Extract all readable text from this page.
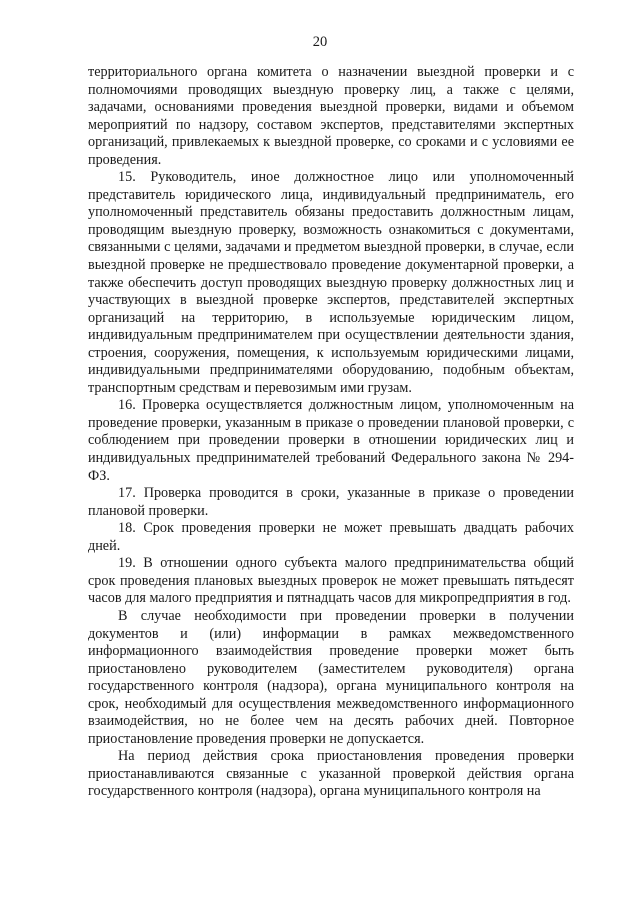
20

территориального органа комитета о назначении выездной проверки и с полномочиями проводящих выездную проверку лиц, а также с целями, задачами, основаниями проведения выездной проверки, видами и объемом мероприятий по надзору, составом экспертов, представителями экспертных организаций, привлекаемых к выездной проверке, со сроками и с условиями ее проведения.

15. Руководитель, иное должностное лицо или уполномоченный представитель юридического лица, индивидуальный предприниматель, его уполномоченный представитель обязаны предоставить должностным лицам, проводящим выездную проверку, возможность ознакомиться с документами, связанными с целями, задачами и предметом выездной проверки, в случае, если выездной проверке не предшествовало проведение документарной проверки, а также обеспечить доступ проводящих выездную проверку должностных лиц и участвующих в выездной проверке экспертов, представителей экспертных организаций на территорию, в используемые юридическим лицом, индивидуальным предпринимателем при осуществлении деятельности здания, строения, сооружения, помещения, к используемым юридическими лицами, индивидуальными предпринимателями оборудованию, подобным объектам, транспортным средствам и перевозимым ими грузам.

16. Проверка осуществляется должностным лицом, уполномоченным на проведение проверки, указанным в приказе о проведении плановой проверки, с соблюдением при проведении проверки в отношении юридических лиц и индивидуальных предпринимателей требований Федерального закона № 294-ФЗ.

17. Проверка проводится в сроки, указанные в приказе о проведении плановой проверки.

18. Срок проведения проверки не может превышать двадцать рабочих дней.

19. В отношении одного субъекта малого предпринимательства общий срок проведения плановых выездных проверок не может превышать пятьдесят часов для малого предприятия и пятнадцать часов для микропредприятия в год.

В случае необходимости при проведении проверки в получении документов и (или) информации в рамках межведомственного информационного взаимодействия проведение проверки может быть приостановлено руководителем (заместителем руководителя) органа государственного контроля (надзора), органа муниципального контроля на срок, необходимый для осуществления межведомственного информационного взаимодействия, но не более чем на десять рабочих дней. Повторное приостановление проведения проверки не допускается.

На период действия срока приостановления проведения проверки приостанавливаются связанные с указанной проверкой действия органа государственного контроля (надзора), органа муниципального контроля на
